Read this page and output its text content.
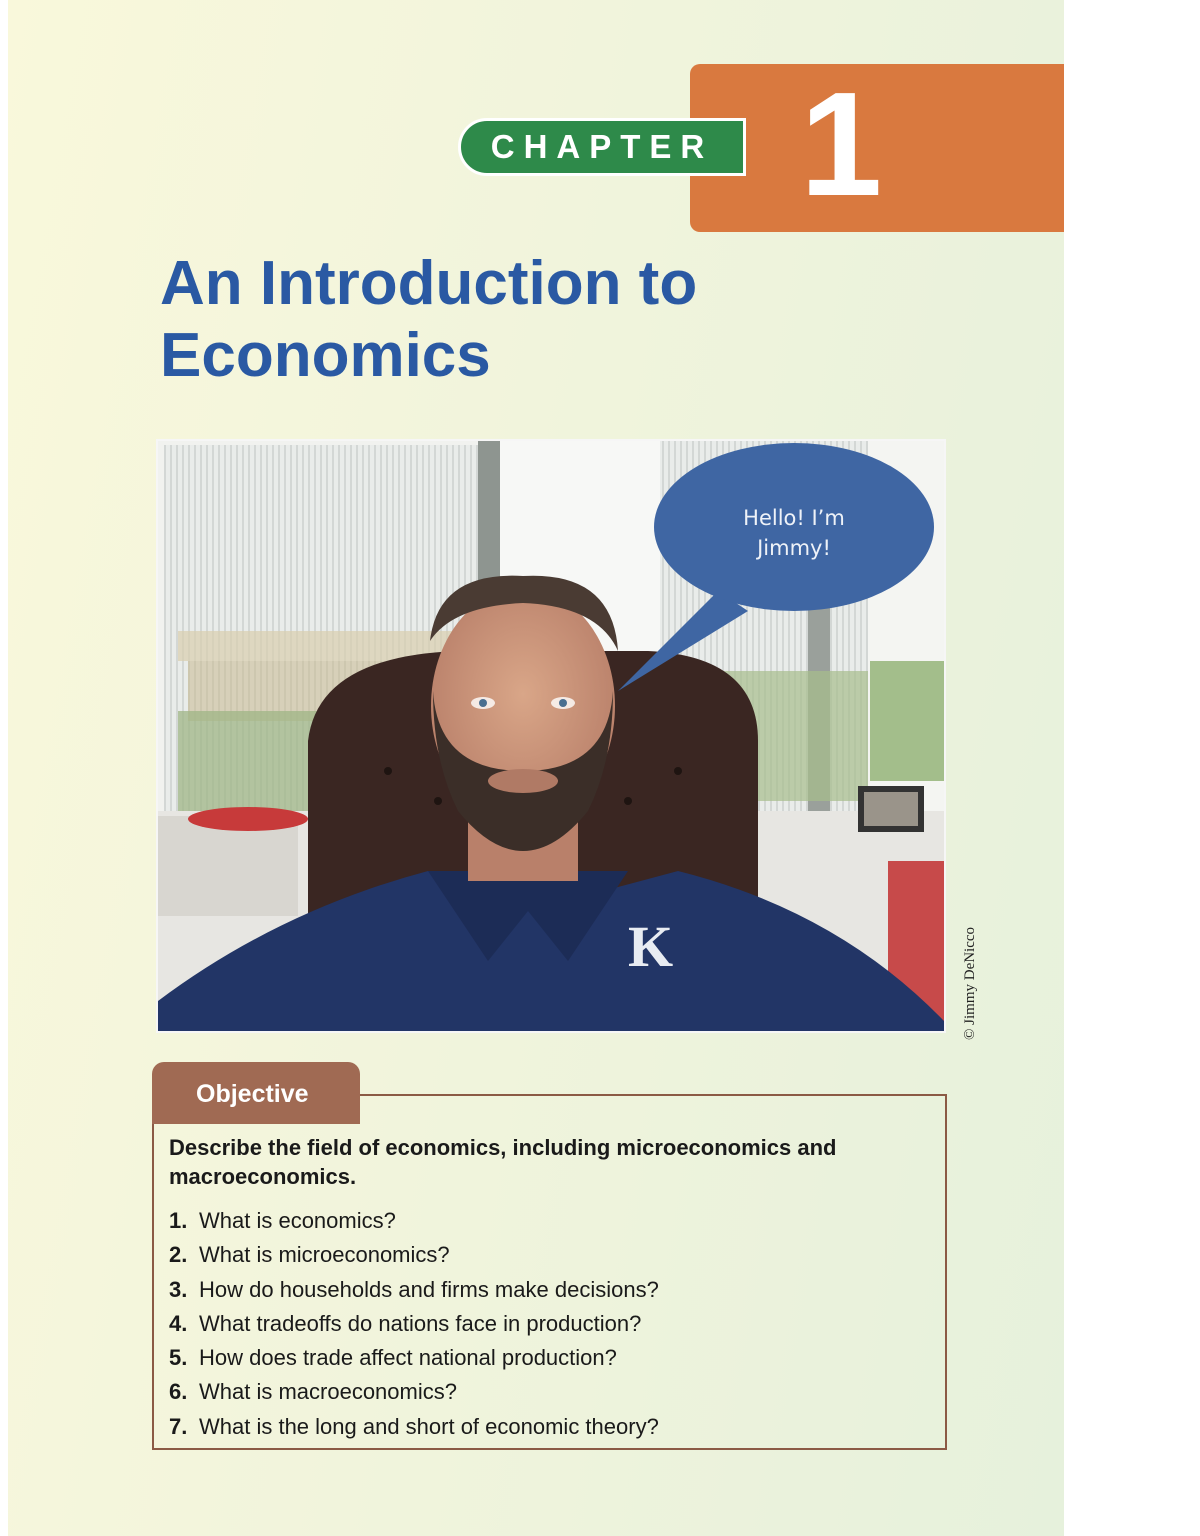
1
CHAPTER
An Introduction to Economics
K
Hello! I’m
Jimmy!
© Jimmy DeNicco
Objective

Describe the field of economics, including microeconomics and macroeconomics.

1. What is economics?
2. What is microeconomics?
3. How do households and firms make decisions?
4. What tradeoffs do nations face in production?
5. How does trade affect national production?
6. What is macroeconomics?
7. What is the long and short of economic theory?
